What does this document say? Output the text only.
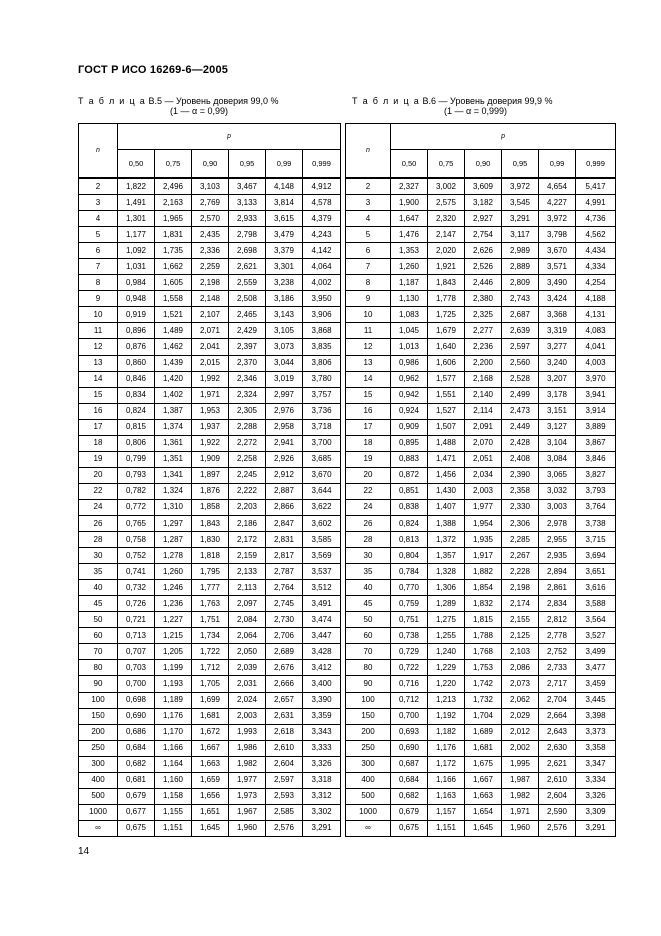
ГОСТ Р ИСО 16269-6—2005
Т а б л и ц а В.5 — Уровень доверия 99,0 %
(1 — α = 0,99)
Т а б л и ц а В.6 — Уровень доверия 99,9 %
(1 — α = 0,999)
n	p					
	0,50	0,75	0,90	0,95	0,99	0,999
2	1,822	2,496	3,103	3,467	4,148	4,912
3	1,491	2,163	2,769	3,133	3,814	4,578
4	1,301	1,965	2,570	2,933	3,615	4,379
5	1,177	1,831	2,435	2,798	3,479	4,243
6	1,092	1,735	2,336	2,698	3,379	4,142
7	1,031	1,662	2,259	2,621	3,301	4,064
8	0,984	1,605	2,198	2,559	3,238	4,002
9	0,948	1,558	2,148	2,508	3,186	3,950
10	0,919	1,521	2,107	2,465	3,143	3,906
11	0,896	1,489	2,071	2,429	3,105	3,868
12	0,876	1,462	2,041	2,397	3,073	3,835
13	0,860	1,439	2,015	2,370	3,044	3,806
14	0,846	1,420	1,992	2,346	3,019	3,780
15	0,834	1,402	1,971	2,324	2,997	3,757
16	0,824	1,387	1,953	2,305	2,976	3,736
17	0,815	1,374	1,937	2,288	2,958	3,718
18	0,806	1,361	1,922	2,272	2,941	3,700
19	0,799	1,351	1,909	2,258	2,926	3,685
20	0,793	1,341	1,897	2,245	2,912	3,670
22	0,782	1,324	1,876	2,222	2,887	3,644
24	0,772	1,310	1,858	2,203	2,866	3,622
26	0,765	1,297	1,843	2,186	2,847	3,602
28	0,758	1,287	1,830	2,172	2,831	3,585
30	0,752	1,278	1,818	2,159	2,817	3,569
35	0,741	1,260	1,795	2,133	2,787	3,537
40	0,732	1,246	1,777	2,113	2,764	3,512
45	0,726	1,236	1,763	2,097	2,745	3,491
50	0,721	1,227	1,751	2,084	2,730	3,474
60	0,713	1,215	1,734	2,064	2,706	3,447
70	0,707	1,205	1,722	2,050	2,689	3,428
80	0,703	1,199	1,712	2,039	2,676	3,412
90	0,700	1,193	1,705	2,031	2,666	3,400
100	0,698	1,189	1,699	2,024	2,657	3,390
150	0,690	1,176	1,681	2,003	2,631	3,359
200	0,686	1,170	1,672	1,993	2,618	3,343
250	0,684	1,166	1,667	1,986	2,610	3,333
300	0,682	1,164	1,663	1,982	2,604	3,326
400	0,681	1,160	1,659	1,977	2,597	3,318
500	0,679	1,158	1,656	1,973	2,593	3,312
1000	0,677	1,155	1,651	1,967	2,585	3,302
∞	0,675	1,151	1,645	1,960	2,576	3,291
n	p					
	0,50	0,75	0,90	0,95	0,99	0,999
2	2,327	3,002	3,609	3,972	4,654	5,417
3	1,900	2,575	3,182	3,545	4,227	4,991
4	1,647	2,320	2,927	3,291	3,972	4,736
5	1,476	2,147	2,754	3,117	3,798	4,562
6	1,353	2,020	2,626	2,989	3,670	4,434
7	1,260	1,921	2,526	2,889	3,571	4,334
8	1,187	1,843	2,446	2,809	3,490	4,254
9	1,130	1,778	2,380	2,743	3,424	4,188
10	1,083	1,725	2,325	2,687	3,368	4,131
11	1,045	1,679	2,277	2,639	3,319	4,083
12	1,013	1,640	2,236	2,597	3,277	4,041
13	0,986	1,606	2,200	2,560	3,240	4,003
14	0,962	1,577	2,168	2,528	3,207	3,970
15	0,942	1,551	2,140	2,499	3,178	3,941
16	0,924	1,527	2,114	2,473	3,151	3,914
17	0,909	1,507	2,091	2,449	3,127	3,889
18	0,895	1,488	2,070	2,428	3,104	3,867
19	0,883	1,471	2,051	2,408	3,084	3,846
20	0,872	1,456	2,034	2,390	3,065	3,827
22	0,851	1,430	2,003	2,358	3,032	3,793
24	0,838	1,407	1,977	2,330	3,003	3,764
26	0,824	1,388	1,954	2,306	2,978	3,738
28	0,813	1,372	1,935	2,285	2,955	3,715
30	0,804	1,357	1,917	2,267	2,935	3,694
35	0,784	1,328	1,882	2,228	2,894	3,651
40	0,770	1,306	1,854	2,198	2,861	3,616
45	0,759	1,289	1,832	2,174	2,834	3,588
50	0,751	1,275	1,815	2,155	2,812	3,564
60	0,738	1,255	1,788	2,125	2,778	3,527
70	0,729	1,240	1,768	2,103	2,752	3,499
80	0,722	1,229	1,753	2,086	2,733	3,477
90	0,716	1,220	1,742	2,073	2,717	3,459
100	0,712	1,213	1,732	2,062	2,704	3,445
150	0,700	1,192	1,704	2,029	2,664	3,398
200	0,693	1,182	1,689	2,012	2,643	3,373
250	0,690	1,176	1,681	2,002	2,630	3,358
300	0,687	1,172	1,675	1,995	2,621	3,347
400	0,684	1,166	1,667	1,987	2,610	3,334
500	0,682	1,163	1,663	1,982	2,604	3,326
1000	0,679	1,157	1,654	1,971	2,590	3,309
∞	0,675	1,151	1,645	1,960	2,576	3,291
14
